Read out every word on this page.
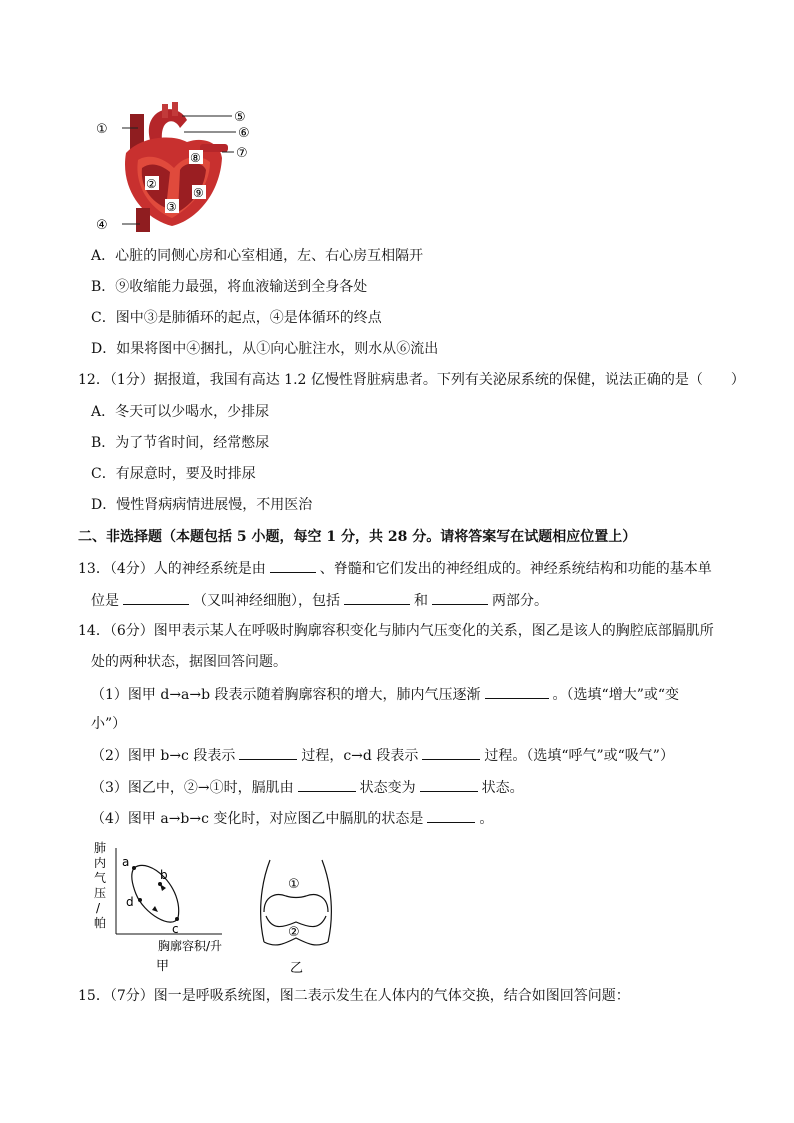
①
②
③
④
⑤
⑥
⑦
⑧
⑨
A．心脏的同侧心房和心室相通，左、右心房互相隔开
B．⑨收缩能力最强，将血液输送到全身各处
C．图中③是肺循环的起点，④是体循环的终点
D．如果将图中④捆扎，从①向心脏注水，则水从⑥流出
12．（1分）据报道，我国有高达 1.2 亿慢性肾脏病患者。下列有关泌尿系统的保健，说法正确的是（　　）
A．冬天可以少喝水，少排尿
B．为了节省时间，经常憋尿
C．有尿意时，要及时排尿
D．慢性肾病病情进展慢，不用医治
二、非选择题（本题包括 5 小题，每空 1 分，共 28 分。请将答案写在试题相应位置上）
13．（4分）人的神经系统是由	、脊髓和它们发出的神经组成的。神经系统结构和功能的基本单
位是	（又叫神经细胞），包括	和	两部分。
14．（6分）图甲表示某人在呼吸时胸廓容积变化与肺内气压变化的关系，图乙是该人的胸腔底部膈肌所
处的两种状态，据图回答问题。
（1）图甲 d→a→b 段表示随着胸廓容积的增大，肺内气压逐渐	。（选填“增大”或“变
小”）
（2）图甲 b→c 段表示	过程，c→d 段表示	过程。（选填“呼气”或“吸气”）
（3）图乙中，②→①时，膈肌由	状态变为	状态。
（4）图甲 a→b→c 变化时，对应图乙中膈肌的状态是	。
肺
内
气
压
/
帕
a
b
c
d
胸廓容积/升
甲
①
②
乙
15．（7分）图一是呼吸系统图，图二表示发生在人体内的气体交换，结合如图回答问题：
